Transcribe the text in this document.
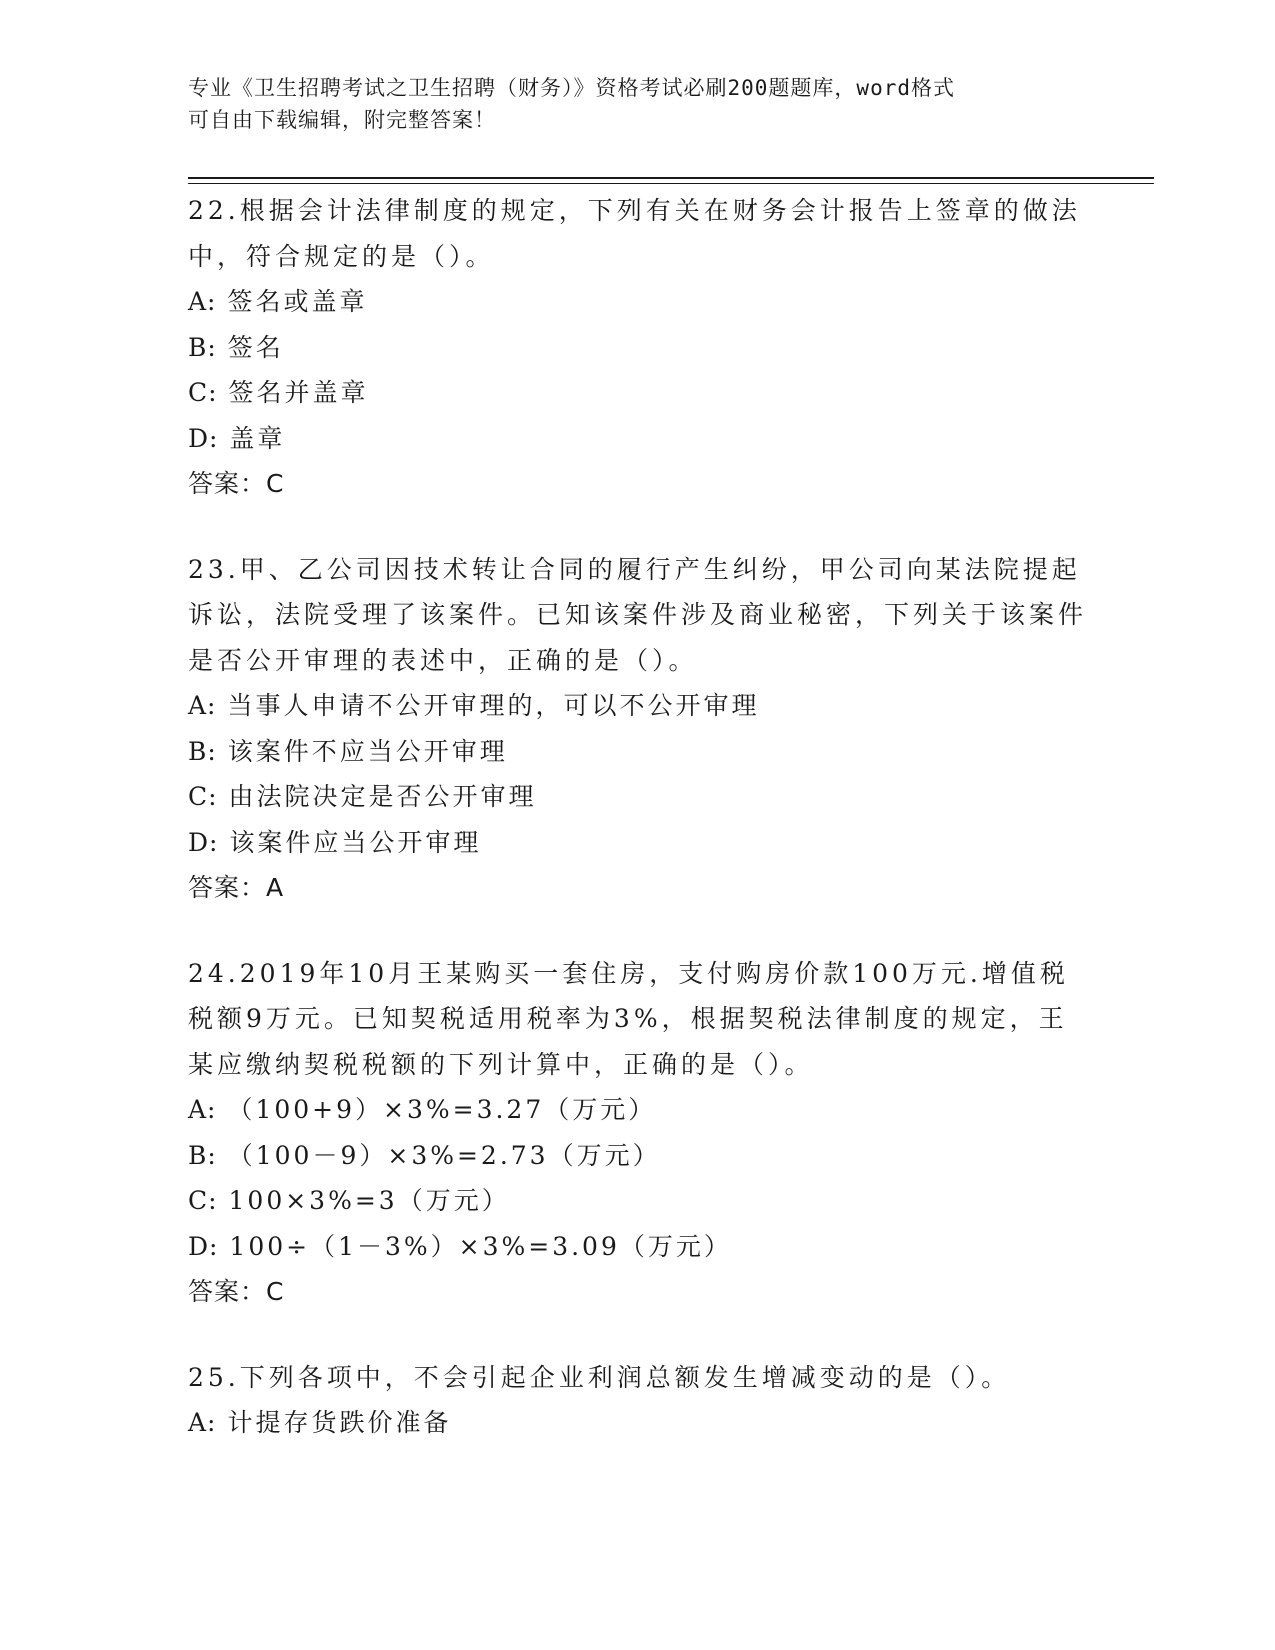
专业《卫生招聘考试之卫生招聘（财务）》资格考试必刷200题题库，word格式
可自由下载编辑，附完整答案！

22.根据会计法律制度的规定，下列有关在财务会计报告上签章的做法中，符合规定的是（）。

A: 签名或盖章

B: 签名

C: 签名并盖章

D: 盖章

答案：C

23.甲、乙公司因技术转让合同的履行产生纠纷，甲公司向某法院提起诉讼，法院受理了该案件。已知该案件涉及商业秘密，下列关于该案件是否公开审理的表述中，正确的是（）。

A: 当事人申请不公开审理的，可以不公开审理

B: 该案件不应当公开审理

C: 由法院决定是否公开审理

D: 该案件应当公开审理

答案：A

24.2019年10月王某购买一套住房，支付购房价款100万元.增值税税额9万元。已知契税适用税率为3%，根据契税法律制度的规定，王某应缴纳契税税额的下列计算中，正确的是（）。

A: （100+9）×3%=3.27（万元）

B: （100－9）×3%=2.73（万元）

C: 100×3%=3（万元）

D: 100÷（1－3%）×3%=3.09（万元）

答案：C

25.下列各项中，不会引起企业利润总额发生增减变动的是（）。

A: 计提存货跌价准备
